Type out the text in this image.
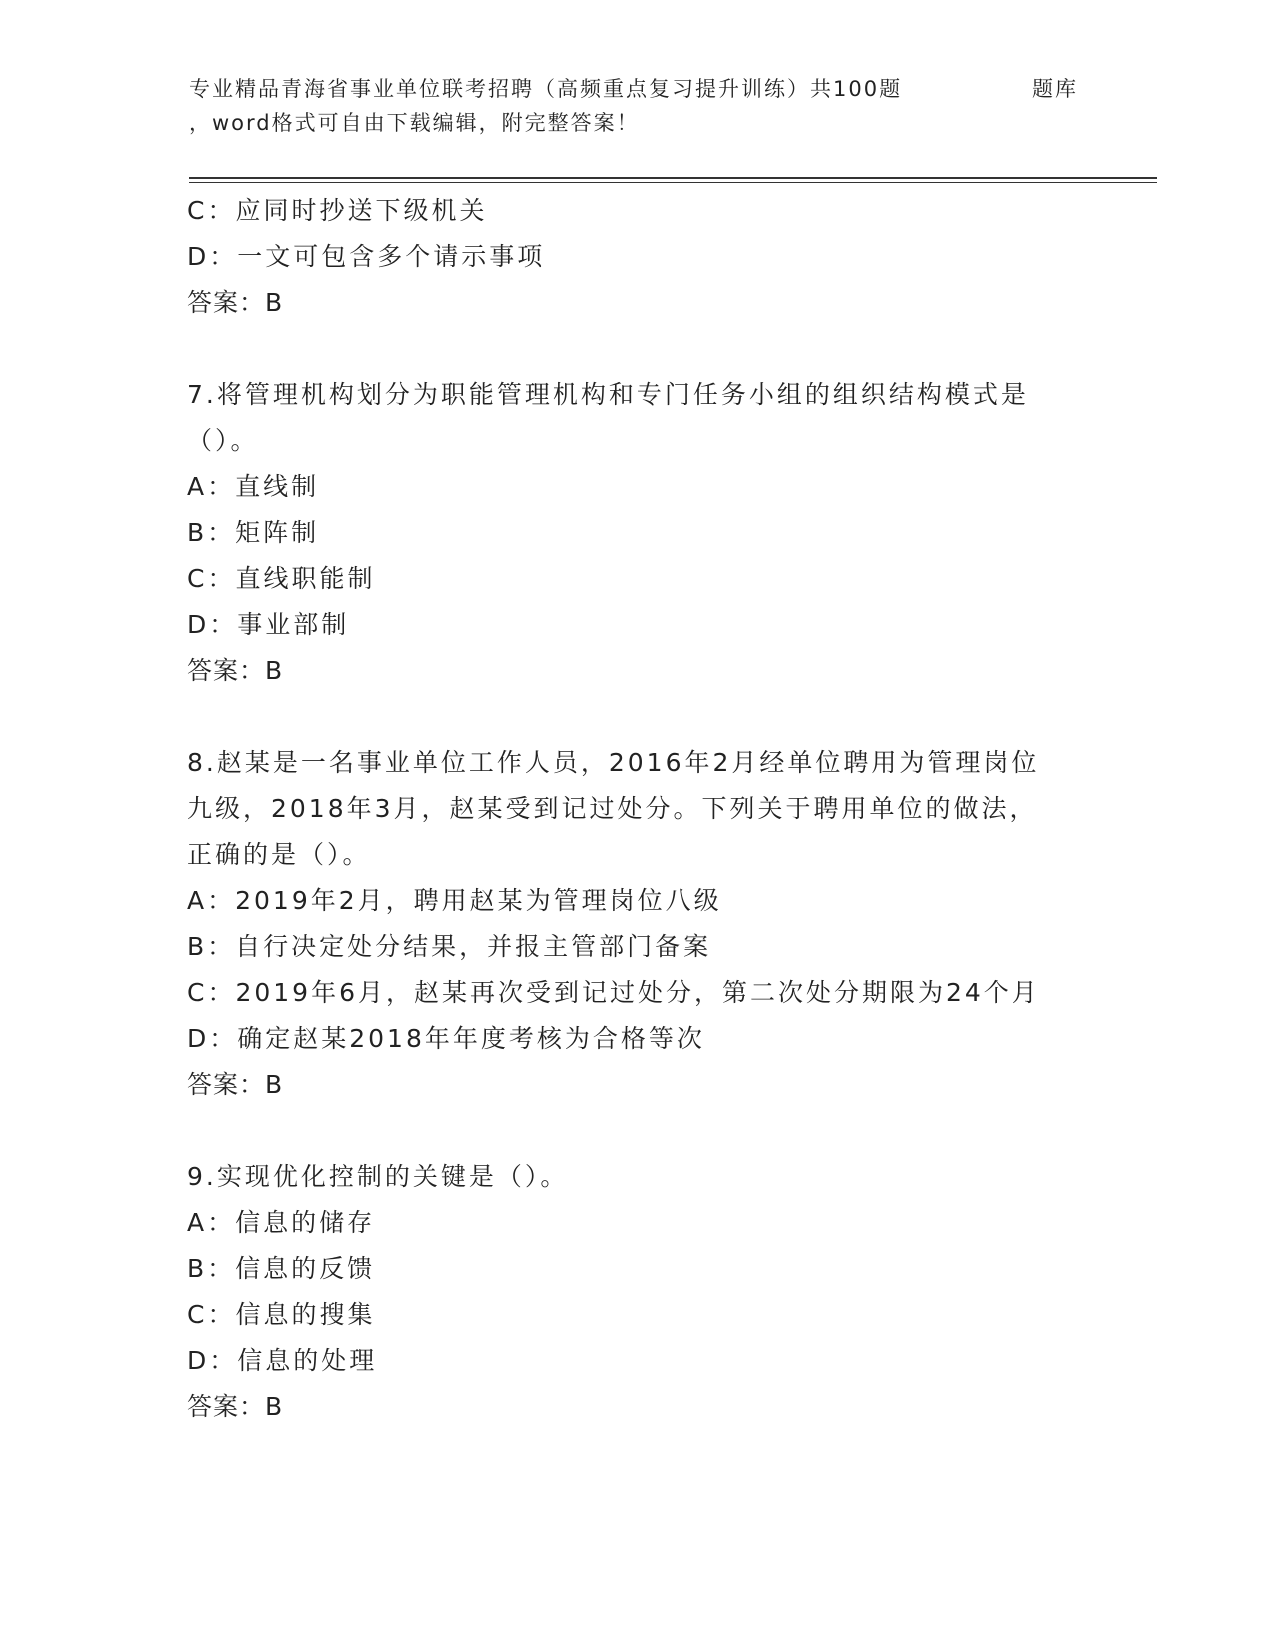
专业精品青海省事业单位联考招聘（高频重点复习提升训练）共100题	题库
，word格式可自由下载编辑，附完整答案！
C：应同时抄送下级机关
D：一文可包含多个请示事项
答案：B
7.将管理机构划分为职能管理机构和专门任务小组的组织结构模式是
（）。
A：直线制
B：矩阵制
C：直线职能制
D：事业部制
答案：B
8.赵某是一名事业单位工作人员，2016年2月经单位聘用为管理岗位
九级，2018年3月，赵某受到记过处分。下列关于聘用单位的做法，
正确的是（）。
A：2019年2月，聘用赵某为管理岗位八级
B：自行决定处分结果，并报主管部门备案
C：2019年6月，赵某再次受到记过处分，第二次处分期限为24个月
D：确定赵某2018年年度考核为合格等次
答案：B
9.实现优化控制的关键是（）。
A：信息的储存
B：信息的反馈
C：信息的搜集
D：信息的处理
答案：B
